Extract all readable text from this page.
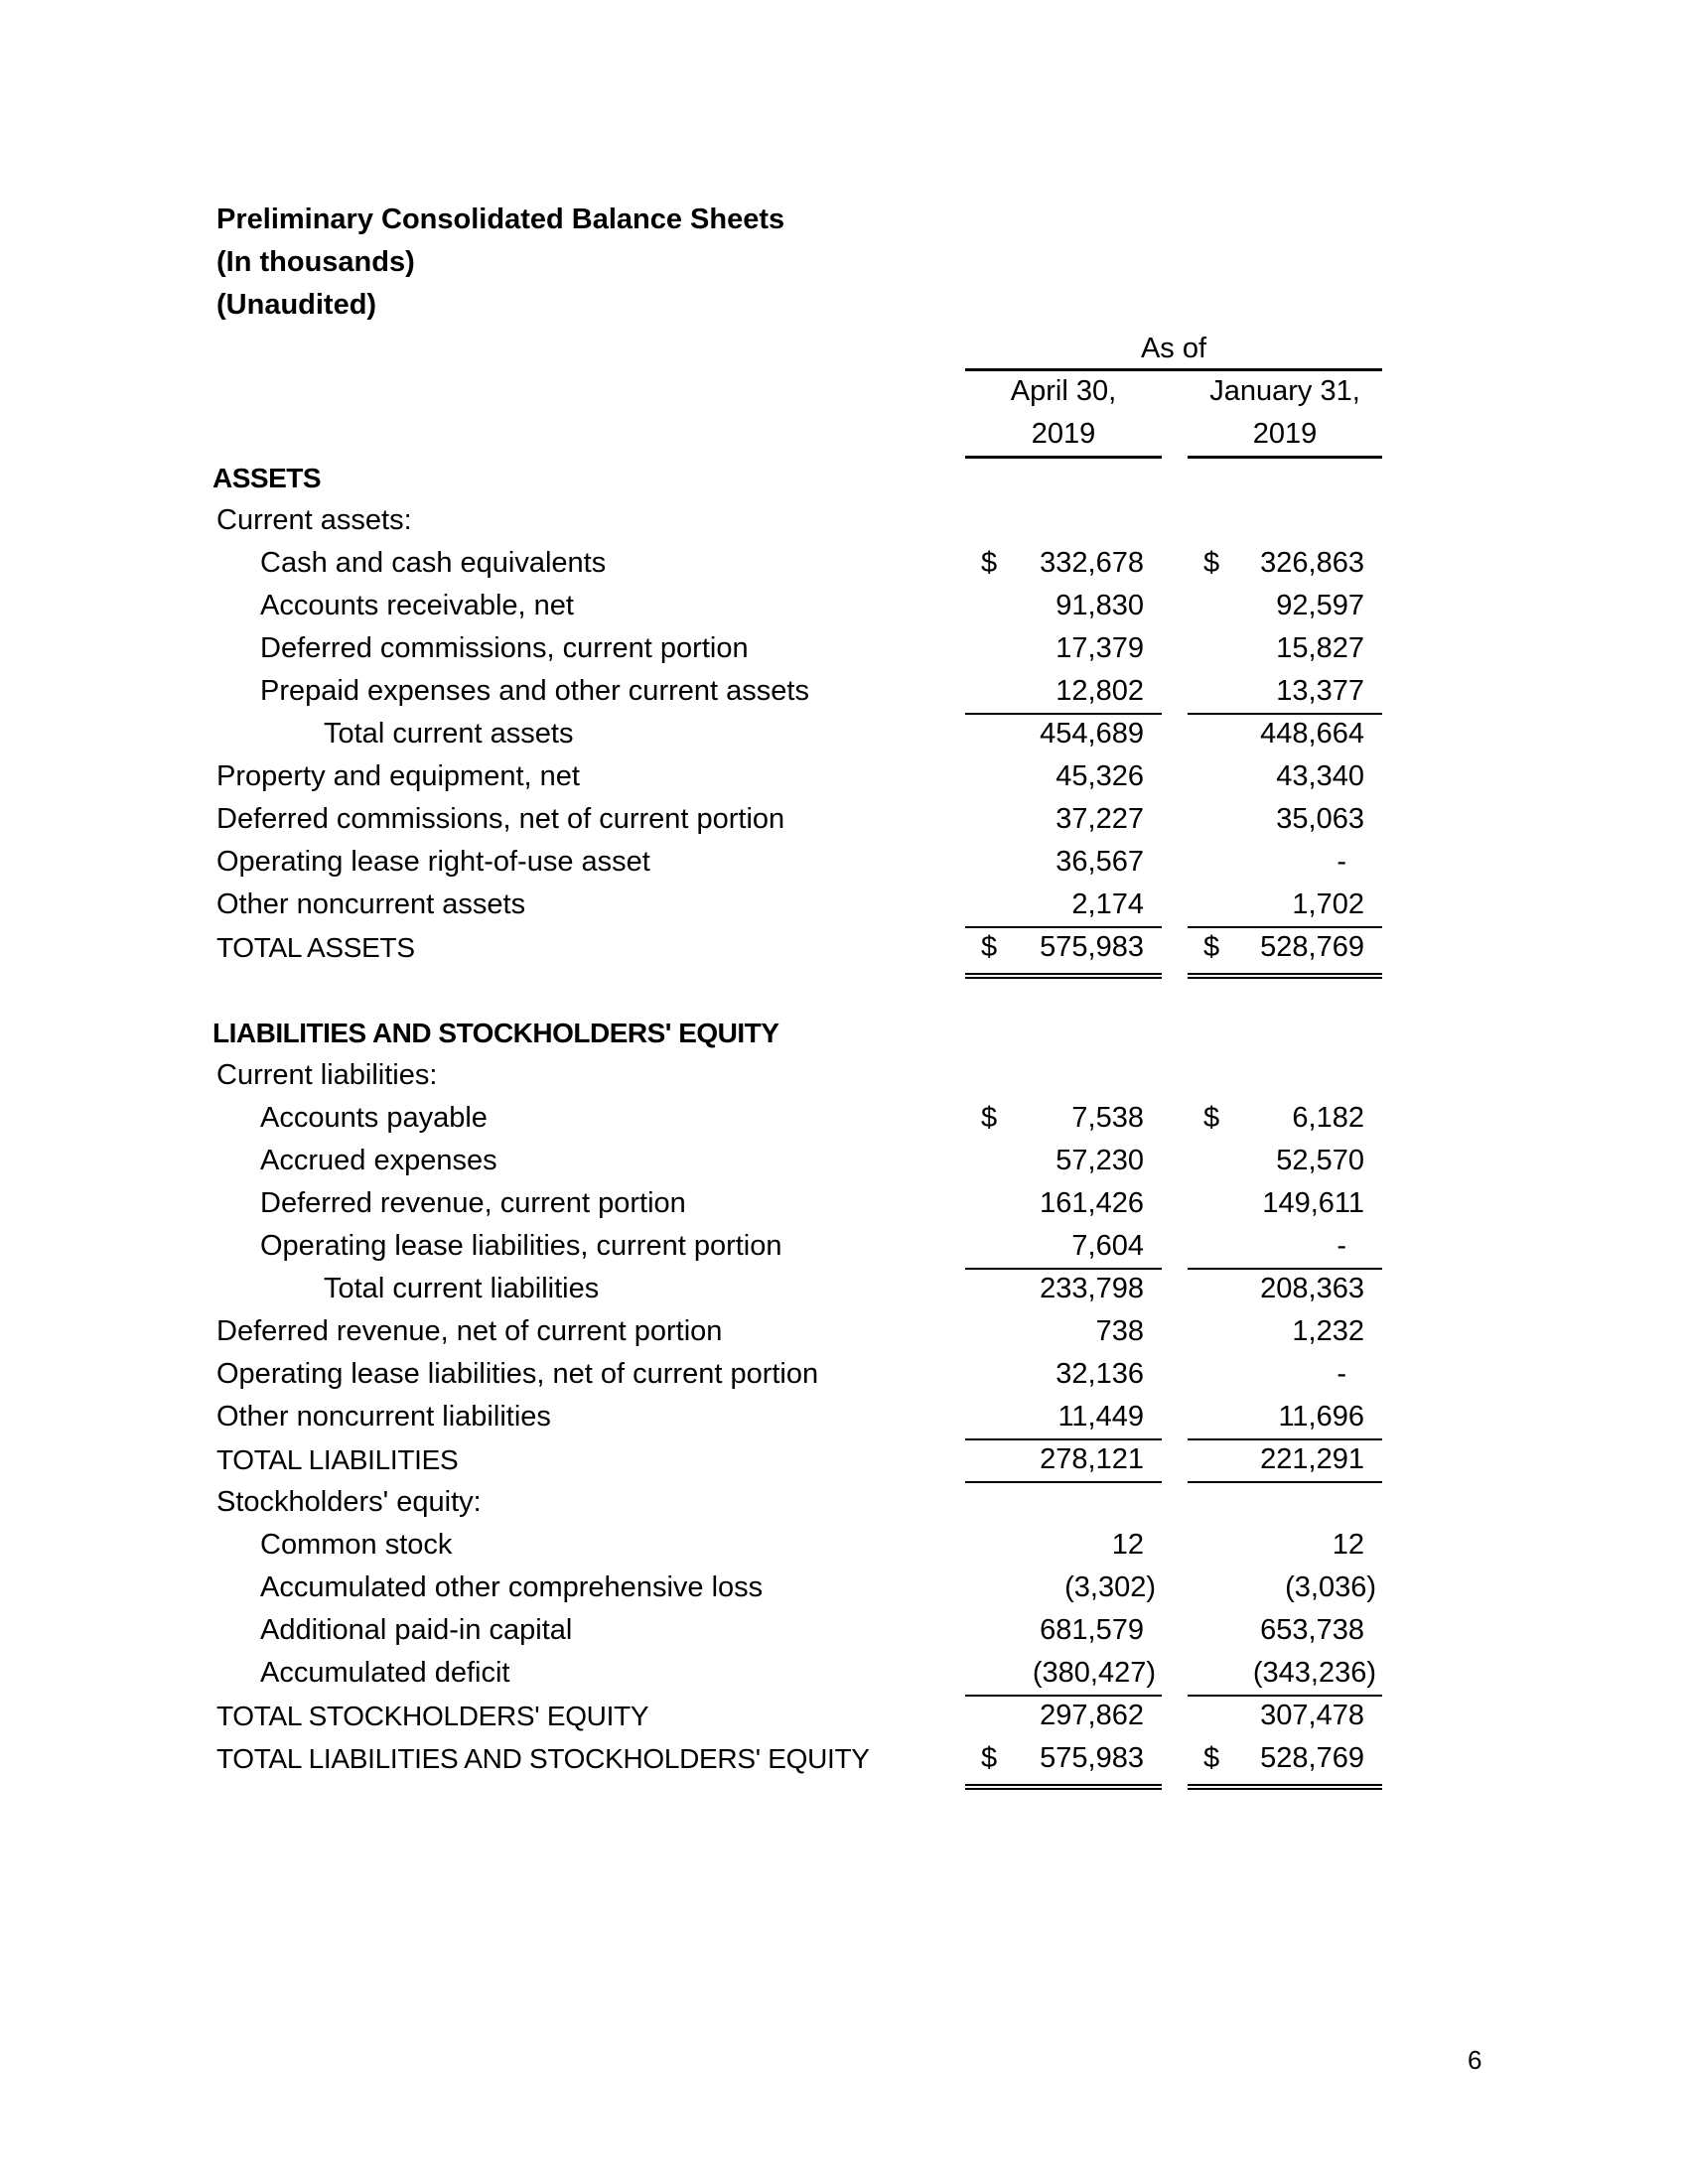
Preliminary Consolidated Balance Sheets
(In thousands)
(Unaudited)
As of
April 30,
2019
January 31,
2019
ASSETS
Current assets:
Cash and cash equivalents	$ 332,678 $ 326,863
Accounts receivable, net	91,830	92,597
Deferred commissions, current portion	17,379	15,827
Prepaid expenses and other current assets	12,802	13,377
Total current assets	454,689	448,664
Property and equipment, net	45,326	43,340
Deferred commissions, net of current portion	37,227	35,063
Operating lease right-of-use asset	36,567	-
Other noncurrent assets	2,174	1,702
TOTAL ASSETS	$ 575,983 $ 528,769
LIABILITIES AND STOCKHOLDERS' EQUITY
Current liabilities:
Accounts payable	$	7,538 $	6,182
Accrued expenses	57,230	52,570
Deferred revenue, current portion	161,426	149,611
Operating lease liabilities, current portion	7,604	-
Total current liabilities	233,798	208,363
Deferred revenue, net of current portion	738	1,232
Operating lease liabilities, net of current portion	32,136	-
Other noncurrent liabilities	11,449	11,696
TOTAL LIABILITIES	278,121	221,291
Stockholders' equity:
Common stock	12	12
Accumulated other comprehensive loss	(3,302)	(3,036)
Additional paid-in capital	681,579	653,738
Accumulated deficit	(380,427)	(343,236)
TOTAL STOCKHOLDERS' EQUITY	297,862	307,478
TOTAL LIABILITIES AND STOCKHOLDERS' EQUITY	$ 575,983 $ 528,769
6
